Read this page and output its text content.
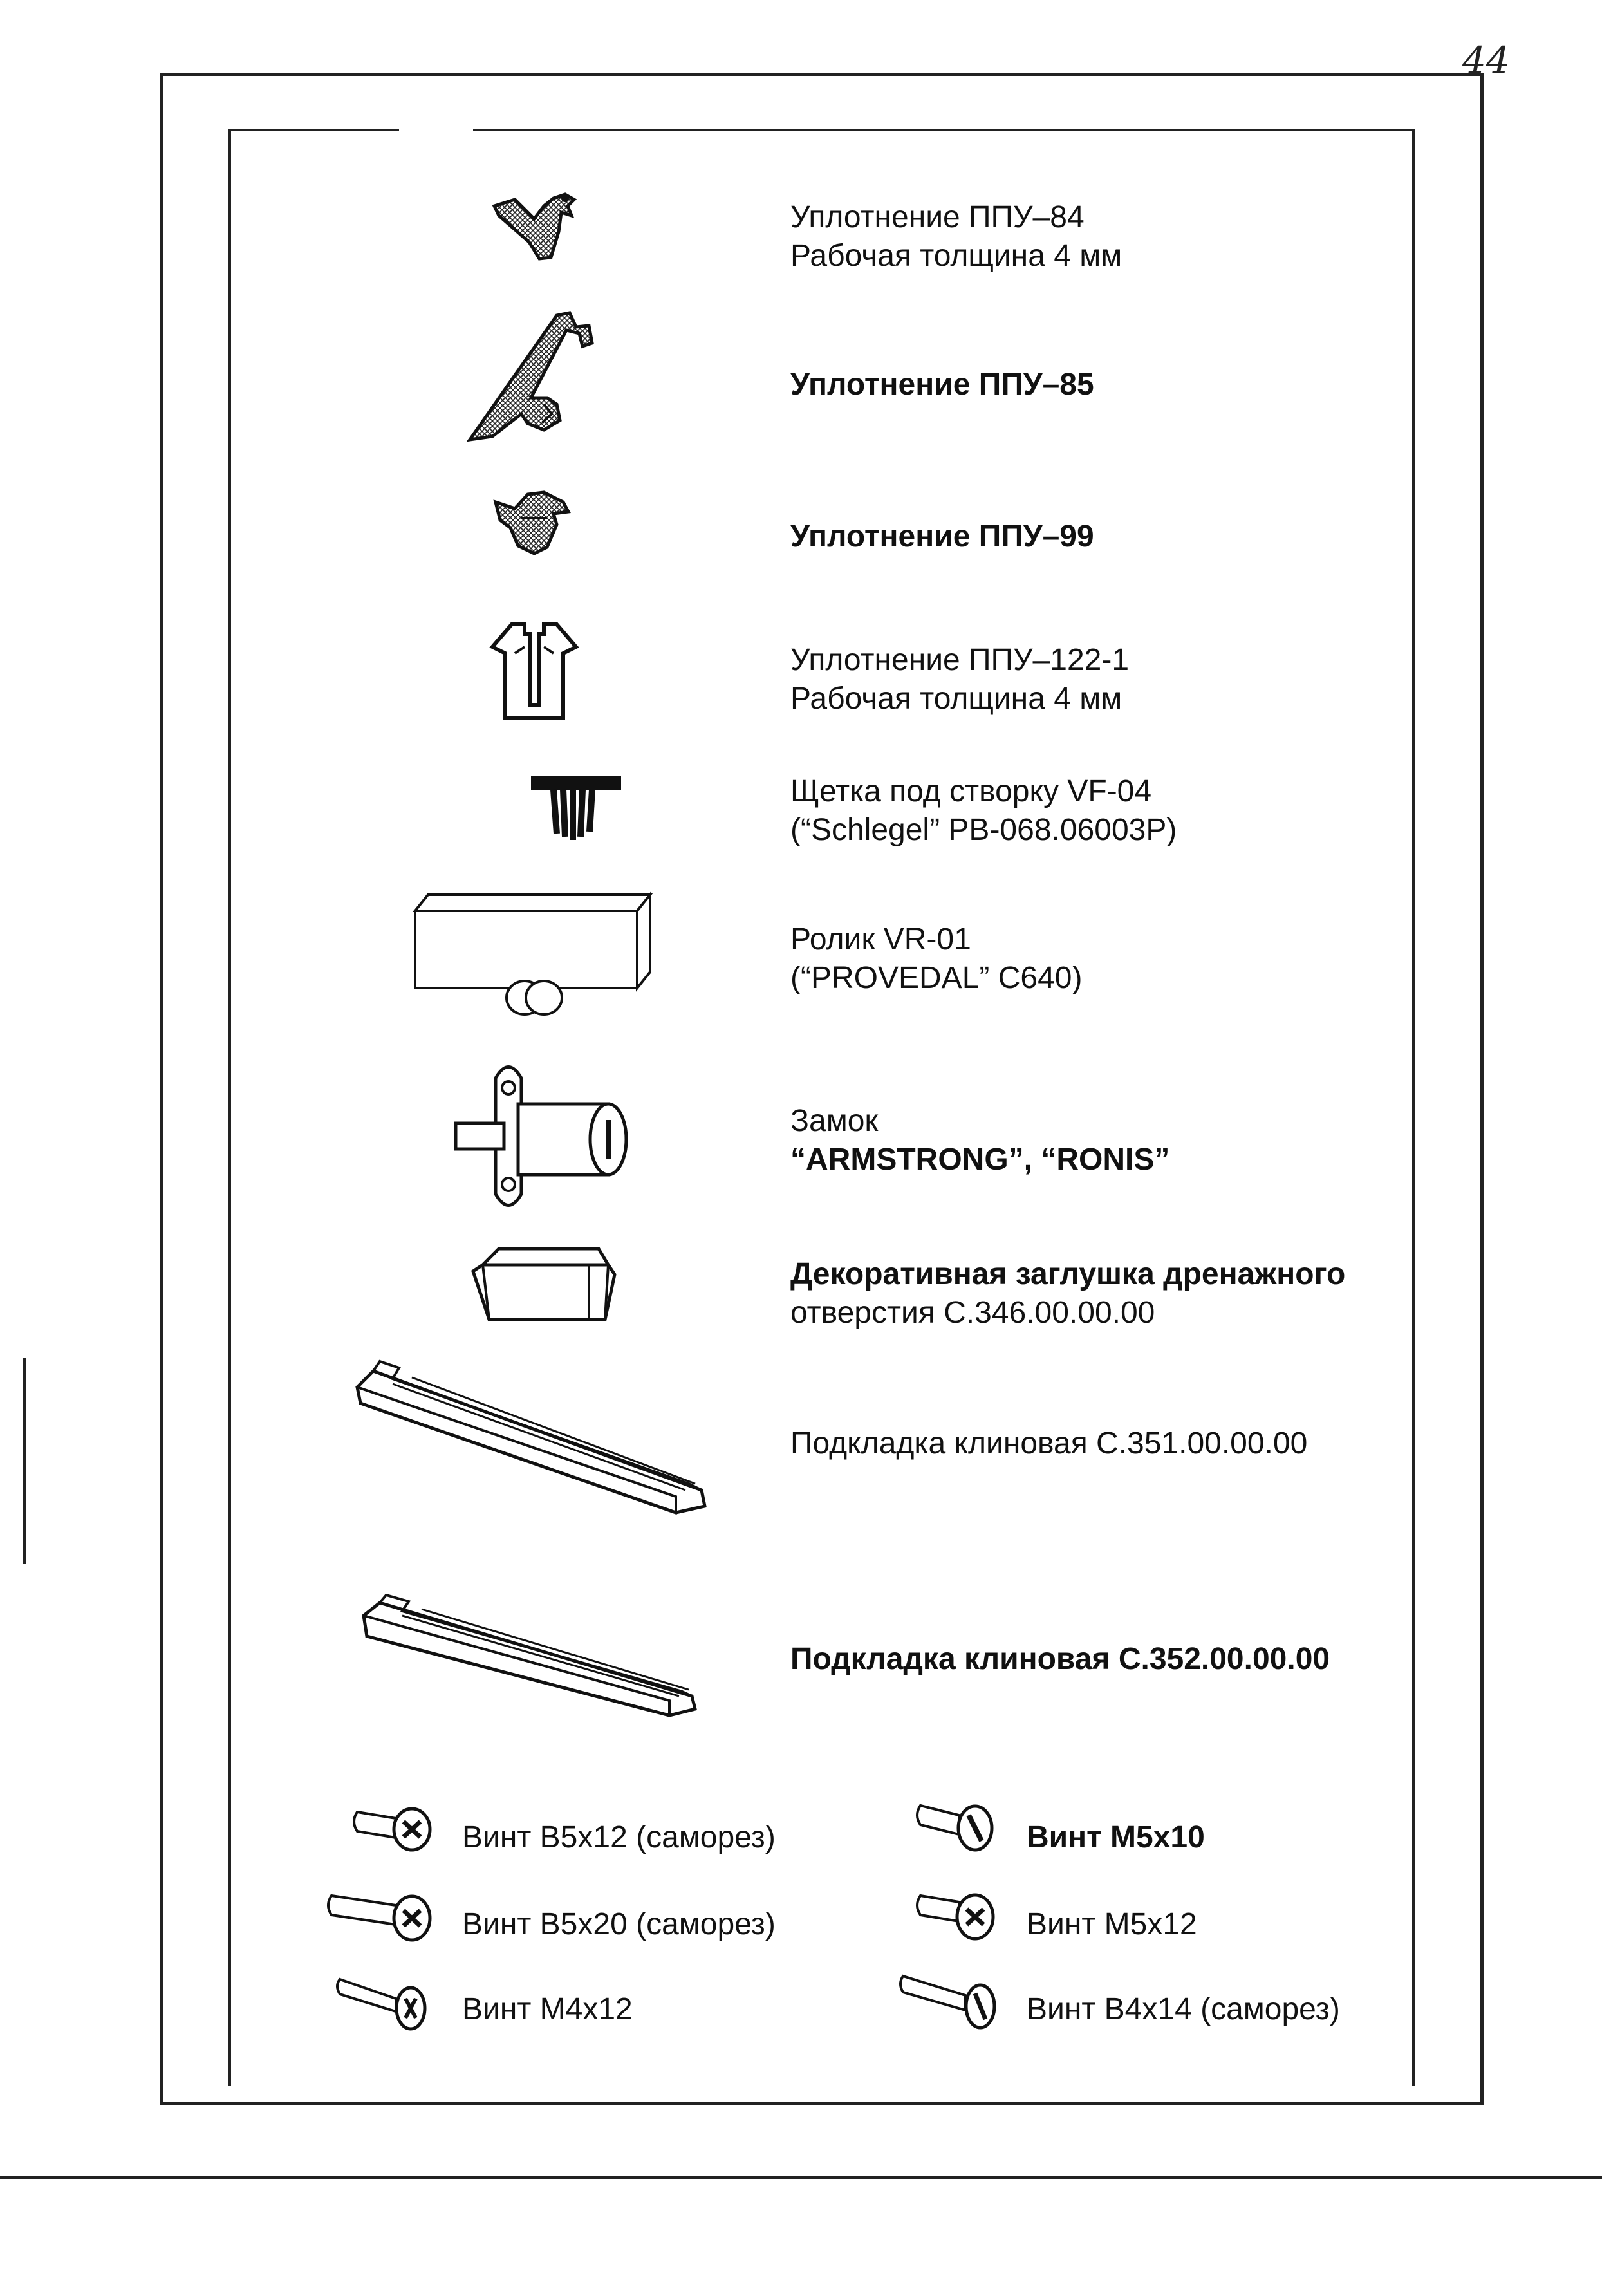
44
Уплотнение ППУ–84
Рабочая толщина 4 мм
Уплотнение ППУ–85
Уплотнение ППУ–99
Уплотнение ППУ–122-1
Рабочая толщина 4 мм
Щетка под створку VF-04
(“Schlegel” PB-068.06003P)
Ролик VR-01
(“PROVEDAL” C640)
Замок
“ARMSTRONG”, “RONIS”
Декоративная заглушка дренажного
отверстия С.346.00.00.00
Подкладка клиновая С.351.00.00.00
Подкладка клиновая С.352.00.00.00
Винт В5х12 (саморез)	Винт М5х10
Винт В5х20 (саморез)	Винт М5х12
Винт М4х12	Винт В4х14 (саморез)
